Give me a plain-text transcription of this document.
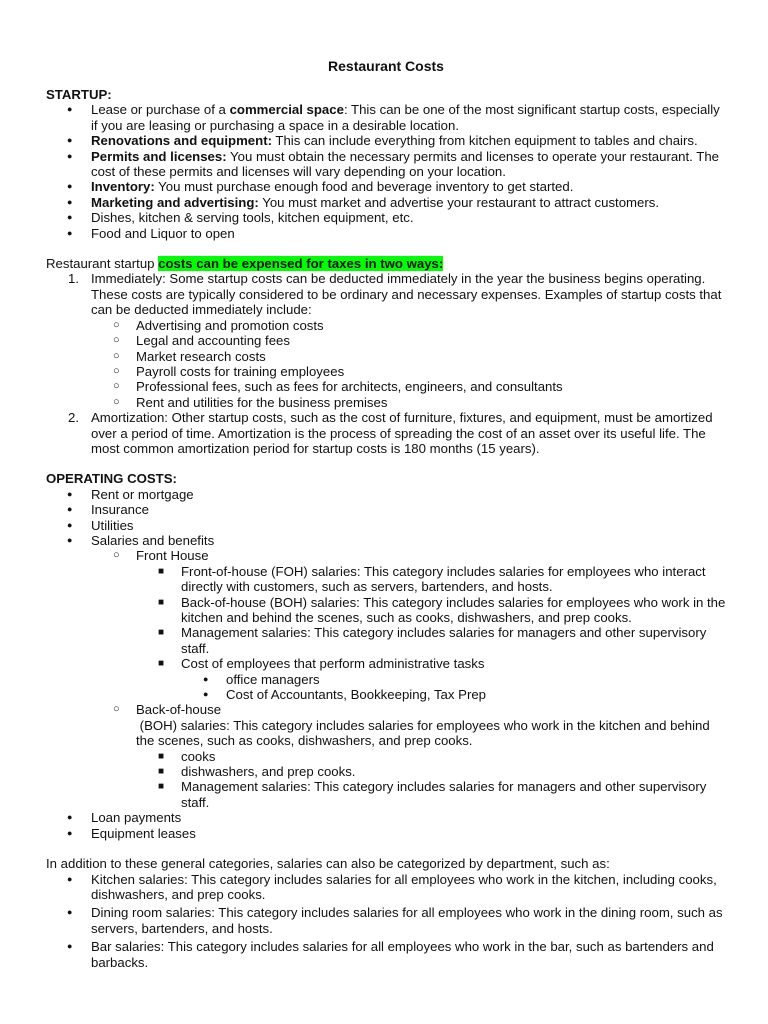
Restaurant Costs
STARTUP:
● Lease or purchase of a commercial space: This can be one of the most significant startup costs, especially if you are leasing or purchasing a space in a desirable location.
● Renovations and equipment: This can include everything from kitchen equipment to tables and chairs.
● Permits and licenses: You must obtain the necessary permits and licenses to operate your restaurant. The cost of these permits and licenses will vary depending on your location.
● Inventory: You must purchase enough food and beverage inventory to get started.
● Marketing and advertising: You must market and advertise your restaurant to attract customers.
● Dishes, kitchen & serving tools, kitchen equipment, etc.
● Food and Liquor to open

Restaurant startup costs can be expensed for taxes in two ways:

1. Immediately: Some startup costs can be deducted immediately in the year the business begins operating. These costs are typically considered to be ordinary and necessary expenses. Examples of startup costs that can be deducted immediately include:
○ Advertising and promotion costs
○ Legal and accounting fees
○ Market research costs
○ Payroll costs for training employees
○ Professional fees, such as fees for architects, engineers, and consultants
○ Rent and utilities for the business premises
2. Amortization: Other startup costs, such as the cost of furniture, fixtures, and equipment, must be amortized over a period of time. Amortization is the process of spreading the cost of an asset over its useful life. The most common amortization period for startup costs is 180 months (15 years).
OPERATING COSTS:
● Rent or mortgage
● Insurance
● Utilities
● Salaries and benefits
○ Front House
■ Front-of-house (FOH) salaries: This category includes salaries for employees who interact directly with customers, such as servers, bartenders, and hosts.
■ Back-of-house (BOH) salaries: This category includes salaries for employees who work in the kitchen and behind the scenes, such as cooks, dishwashers, and prep cooks.
■ Management salaries: This category includes salaries for managers and other supervisory staff.
■ Cost of employees that perform administrative tasks
● office managers
● Cost of Accountants, Bookkeeping, Tax Prep
○ Back-of-house
(BOH) salaries: This category includes salaries for employees who work in the kitchen and behind the scenes, such as cooks, dishwashers, and prep cooks.
■ cooks
■ dishwashers, and prep cooks.
■ Management salaries: This category includes salaries for managers and other supervisory staff.
● Loan payments
● Equipment leases

In addition to these general categories, salaries can also be categorized by department, such as:

● Kitchen salaries: This category includes salaries for all employees who work in the kitchen, including cooks, dishwashers, and prep cooks.
● Dining room salaries: This category includes salaries for all employees who work in the dining room, such as servers, bartenders, and hosts.
● Bar salaries: This category includes salaries for all employees who work in the bar, such as bartenders and barbacks.
